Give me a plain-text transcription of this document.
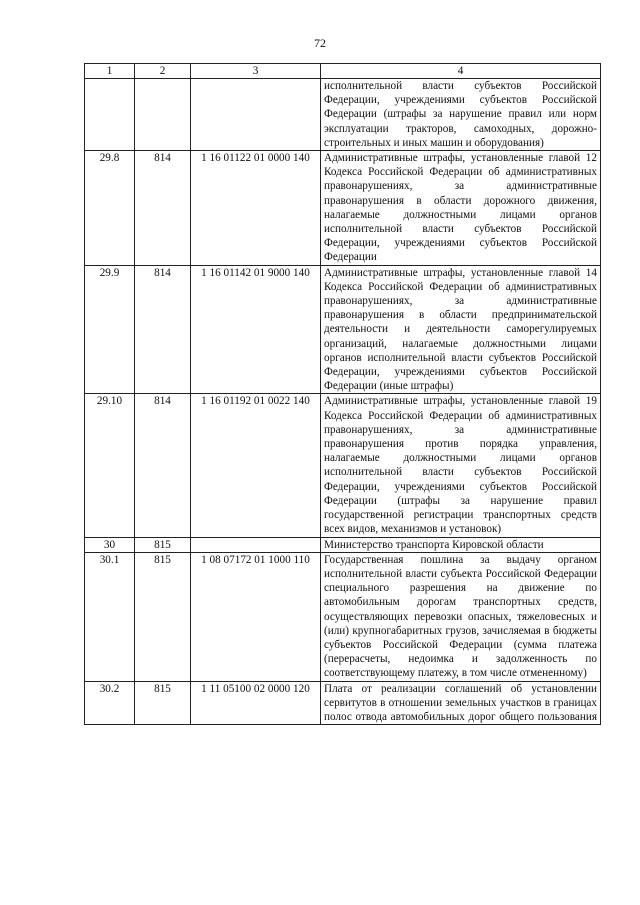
72
1	2	3	4
			исполнительной власти субъектов Российской Федерации, учреждениями субъектов Российской Федерации (штрафы за нарушение правил или норм эксплуатации тракторов, самоходных, дорожно-строительных и иных машин и оборудования)
29.8	814	1 16 01122 01 0000 140	Административные штрафы, установленные главой 12 Кодекса Российской Федерации об административных правонарушениях, за административные правонарушения в области дорожного движения, налагаемые должностными лицами органов исполнительной власти субъектов Российской Федерации, учреждениями субъектов Российской Федерации
29.9	814	1 16 01142 01 9000 140	Административные штрафы, установленные главой 14 Кодекса Российской Федерации об административных правонарушениях, за административные правонарушения в области предпринимательской деятельности и деятельности саморегулируемых организаций, налагаемые должностными лицами органов исполнительной власти субъектов Российской Федерации, учреждениями субъектов Российской Федерации (иные штрафы)
29.10	814	1 16 01192 01 0022 140	Административные штрафы, установленные главой 19 Кодекса Российской Федерации об административных правонарушениях, за административные правонарушения против порядка управления, налагаемые должностными лицами органов исполнительной власти субъектов Российской Федерации, учреждениями субъектов Российской Федерации (штрафы за нарушение правил государственной регистрации транспортных средств всех видов, механизмов и установок)
30	815		Министерство транспорта Кировской области
30.1	815	1 08 07172 01 1000 110	Государственная пошлина за выдачу органом исполнительной власти субъекта Российской Федерации специального разрешения на движение по автомобильным дорогам транспортных средств, осуществляющих перевозки опасных, тяжеловесных и (или) крупногабаритных грузов, зачисляемая в бюджеты субъектов Российской Федерации (сумма платежа (перерасчеты, недоимка и задолженность по соответствующему платежу, в том числе отмененному)
30.2	815	1 11 05100 02 0000 120	Плата от реализации соглашений об установлении сервитутов в отношении земельных участков в границах полос отвода автомобильных дорог общего пользования
